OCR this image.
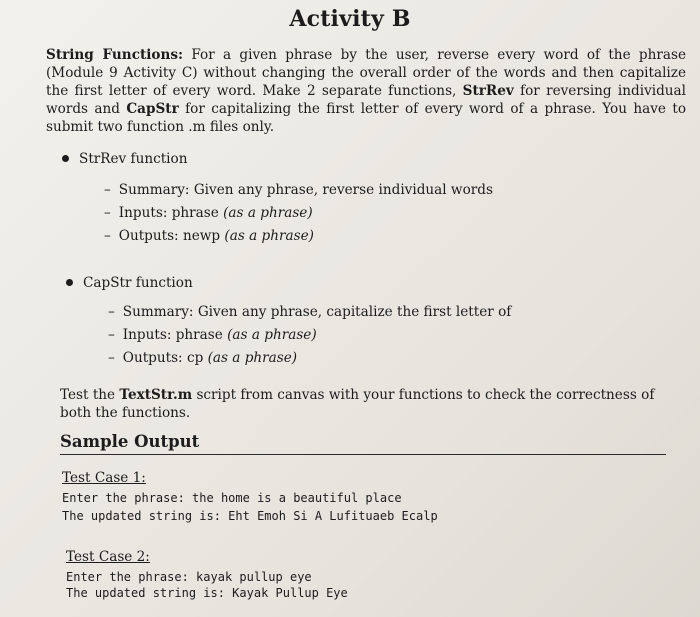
Activity B
String Functions: For a given phrase by the user, reverse every word of the phrase (Module 9 Activity C) without changing the overall order of the words and then capitalize the first letter of every word. Make 2 separate functions, StrRev for reversing individual words and CapStr for capitalizing the first letter of every word of a phrase. You have to submit two function .m files only.
StrRev function
– Summary: Given any phrase, reverse individual words
– Inputs: phrase (as a phrase)
– Outputs: newp (as a phrase)
CapStr function
– Summary: Given any phrase, capitalize the first letter of
– Inputs: phrase (as a phrase)
– Outputs: cp (as a phrase)
Test the TextStr.m script from canvas with your functions to check the correctness of both the functions.
Sample Output
Test Case 1:
Enter the phrase: the home is a beautiful place
The updated string is: Eht Emoh Si A Lufituaeb Ecalp
Test Case 2:
Enter the phrase: kayak pullup eye
The updated string is: Kayak Pullup Eye
